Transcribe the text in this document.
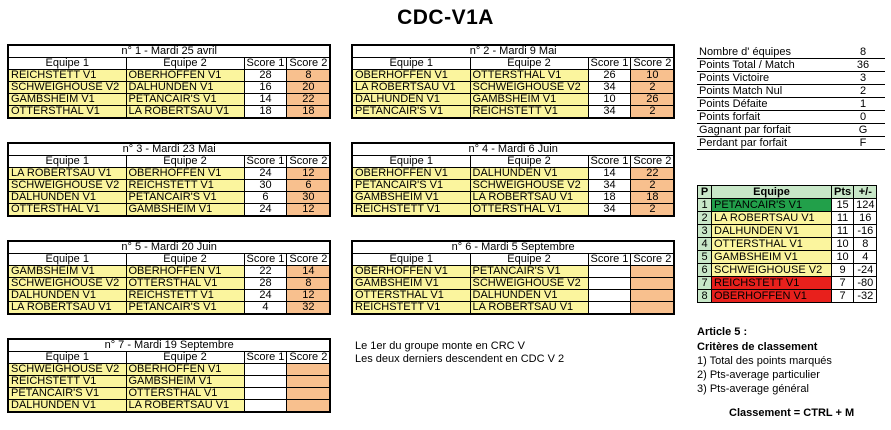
CDC-V1A
n° 1 - Mardi 25 avril			
Equipe 1	Equipe 2	Score 1	Score 2
REICHSTETT V1	OBERHOFFEN V1	28	8
SCHWEIGHOUSE V2	DALHUNDEN V1	16	20
GAMBSHEIM V1	PETANCAIR'S V1	14	22
OTTERSTHAL V1	LA ROBERTSAU V1	18	18
n° 2 - Mardi 9 Mai			
Equipe 1	Equipe 2	Score 1	Score 2
OBERHOFFEN V1	OTTERSTHAL V1	26	10
LA ROBERTSAU V1	SCHWEIGHOUSE V2	34	2
DALHUNDEN V1	GAMBSHEIM V1	10	26
PETANCAIR'S V1	REICHSTETT V1	34	2
n° 3 - Mardi 23 Mai			
Equipe 1	Equipe 2	Score 1	Score 2
LA ROBERTSAU V1	OBERHOFFEN V1	24	12
SCHWEIGHOUSE V2	REICHSTETT V1	30	6
DALHUNDEN V1	PETANCAIR'S V1	6	30
OTTERSTHAL V1	GAMBSHEIM V1	24	12
n° 4 - Mardi 6 Juin			
Equipe 1	Equipe 2	Score 1	Score 2
OBERHOFFEN V1	DALHUNDEN V1	14	22
PETANCAIR'S V1	SCHWEIGHOUSE V2	34	2
GAMBSHEIM V1	LA ROBERTSAU V1	18	18
REICHSTETT V1	OTTERSTHAL V1	34	2
n° 5 - Mardi 20 Juin			
Equipe 1	Equipe 2	Score 1	Score 2
GAMBSHEIM V1	OBERHOFFEN V1	22	14
SCHWEIGHOUSE V2	OTTERSTHAL V1	28	8
DALHUNDEN V1	REICHSTETT V1	24	12
LA ROBERTSAU V1	PETANCAIR'S V1	4	32
n° 6 - Mardi 5 Septembre			
Equipe 1	Equipe 2	Score 1	Score 2
OBERHOFFEN V1	PETANCAIR'S V1		
GAMBSHEIM V1	SCHWEIGHOUSE V2		
OTTERSTHAL V1	DALHUNDEN V1		
REICHSTETT V1	LA ROBERTSAU V1		
n° 7 - Mardi 19 Septembre			
Equipe 1	Equipe 2	Score 1	Score 2
SCHWEIGHOUSE V2	OBERHOFFEN V1		
REICHSTETT V1	GAMBSHEIM V1		
PETANCAIR'S V1	OTTERSTHAL V1		
DALHUNDEN V1	LA ROBERTSAU V1		
Nombre d' équipes	8
Points Total / Match	36
Points Victoire	3
Points Match Nul	2
Points Défaite	1
Points forfait	0
Gagnant par forfait	G
Perdant par forfait	F
P	Equipe	Pts	+/-
1	PETANCAIR'S V1	15	124
2	LA ROBERTSAU V1	11	16
3	DALHUNDEN V1	11	-16
4	OTTERSTHAL V1	10	8
5	GAMBSHEIM V1	10	4
6	SCHWEIGHOUSE V2	9	-24
7	REICHSTETT V1	7	-80
8	OBERHOFFEN V1	7	-32
Le 1er du groupe monte en CRC V
Les deux derniers descendent en CDC V 2
Article 5 :
Critères de classement
1) Total des points marqués
2) Pts-average particulier
3) Pts-average général
Classement = CTRL + M
